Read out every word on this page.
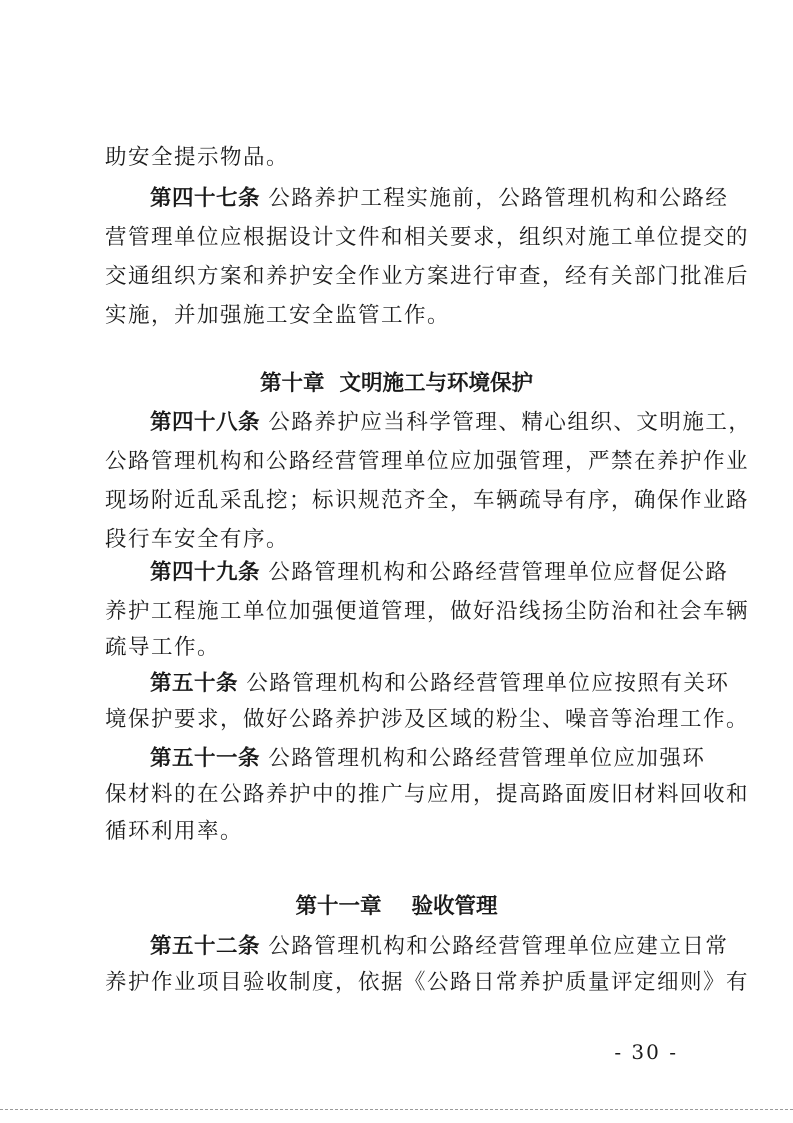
助安全提示物品。
第四十七条 公路养护工程实施前，公路管理机构和公路经
营管理单位应根据设计文件和相关要求，组织对施工单位提交的
交通组织方案和养护安全作业方案进行审查，经有关部门批准后
实施，并加强施工安全监管工作。
第十章  文明施工与环境保护
第四十八条 公路养护应当科学管理、精心组织、文明施工，
公路管理机构和公路经营管理单位应加强管理，严禁在养护作业
现场附近乱采乱挖；标识规范齐全，车辆疏导有序，确保作业路
段行车安全有序。
第四十九条 公路管理机构和公路经营管理单位应督促公路
养护工程施工单位加强便道管理，做好沿线扬尘防治和社会车辆
疏导工作。
第五十条 公路管理机构和公路经营管理单位应按照有关环
境保护要求，做好公路养护涉及区域的粉尘、噪音等治理工作。
第五十一条 公路管理机构和公路经营管理单位应加强环
保材料的在公路养护中的推广与应用，提高路面废旧材料回收和
循环利用率。
第十一章    验收管理
第五十二条 公路管理机构和公路经营管理单位应建立日常
养护作业项目验收制度，依据《公路日常养护质量评定细则》有
- 30 -
